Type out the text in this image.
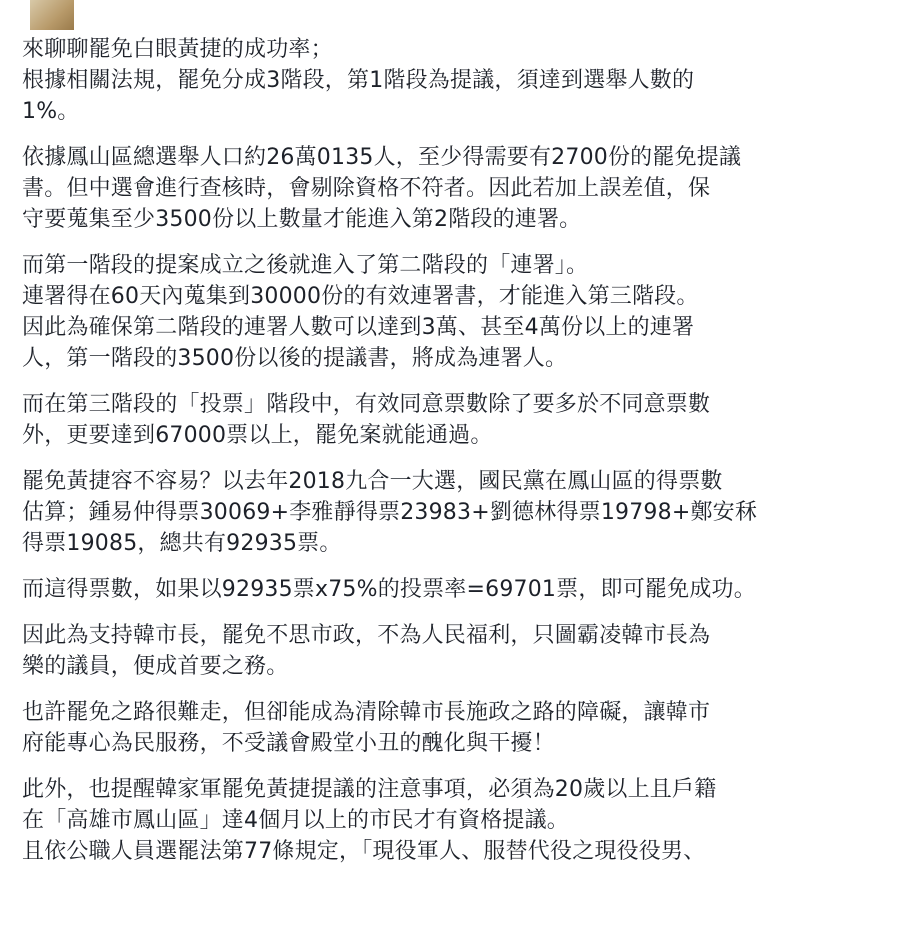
來聊聊罷免白眼黃捷的成功率；
根據相關法規，罷免分成3階段，第1階段為提議，須達到選舉人數的
1%。
依據鳳山區總選舉人口約26萬0135人，至少得需要有2700份的罷免提議
書。但中選會進行查核時，會剔除資格不符者。因此若加上誤差值，保
守要蒐集至少3500份以上數量才能進入第2階段的連署。
而第一階段的提案成立之後就進入了第二階段的「連署」。
連署得在60天內蒐集到30000份的有效連署書，才能進入第三階段。
因此為確保第二階段的連署人數可以達到3萬、甚至4萬份以上的連署
人，第一階段的3500份以後的提議書，將成為連署人。
而在第三階段的「投票」階段中，有效同意票數除了要多於不同意票數
外，更要達到67000票以上，罷免案就能通過。
罷免黃捷容不容易？以去年2018九合一大選，國民黨在鳳山區的得票數
估算；鍾易仲得票30069+李雅靜得票23983+劉德林得票19798+鄭安秝
得票19085，總共有92935票。
而這得票數，如果以92935票x75%的投票率=69701票，即可罷免成功。
因此為支持韓市長，罷免不思市政，不為人民福利，只圖霸凌韓市長為
樂的議員，便成首要之務。
也許罷免之路很難走，但卻能成為清除韓市長施政之路的障礙，讓韓市
府能專心為民服務，不受議會殿堂小丑的醜化與干擾！
此外，也提醒韓家軍罷免黃捷提議的注意事項，必須為20歲以上且戶籍
在「高雄市鳳山區」達4個月以上的市民才有資格提議。
且依公職人員選罷法第77條規定，「現役軍人、服替代役之現役役男、
